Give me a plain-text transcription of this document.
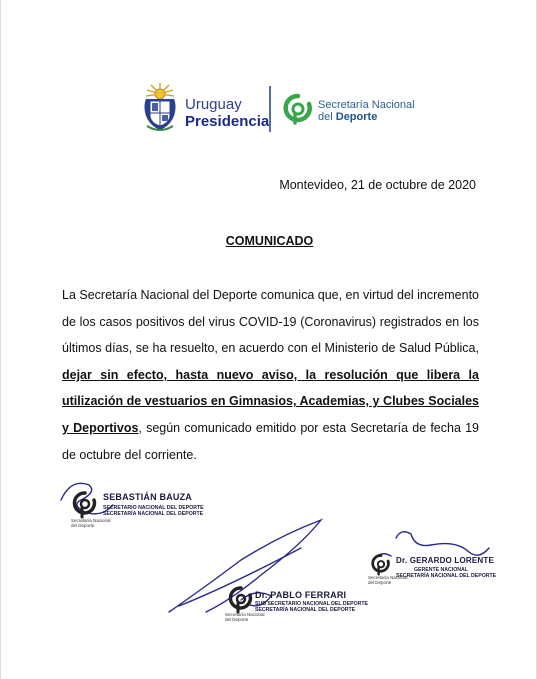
Uruguay
Presidencia
Secretaría Nacional
del Deporte
Montevideo, 21 de octubre de 2020
COMUNICADO
La Secretaría Nacional del Deporte comunica que, en virtud del incremento de los casos positivos del virus COVID-19 (Coronavirus) registrados en los últimos días, se ha resuelto, en acuerdo con el Ministerio de Salud Pública, dejar sin efecto, hasta nuevo aviso, la resolución que libera la utilización de vestuarios en Gimnasios, Academias, y Clubes Sociales y Deportivos, según comunicado emitido por esta Secretaría de fecha 19 de octubre del corriente.
SEBASTIÁN BAUZA
SECRETARIO NACIONAL DEL DEPORTE
SECRETARÍA NACIONAL DEL DEPORTE
Secretaría Nacional
del Deporte
Dr. PABLO FERRARI
SUB SECRETARIO NACIONAL DEL DEPORTE
SECRETARÍA NACIONAL DEL DEPORTE
Secretaría Nacional
del Deporte
Dr. GERARDO LORENTE
GERENTE NACIONAL
SECRETARÍA NACIONAL DEL DEPORTE
Secretaría Nacional
del Deporte
